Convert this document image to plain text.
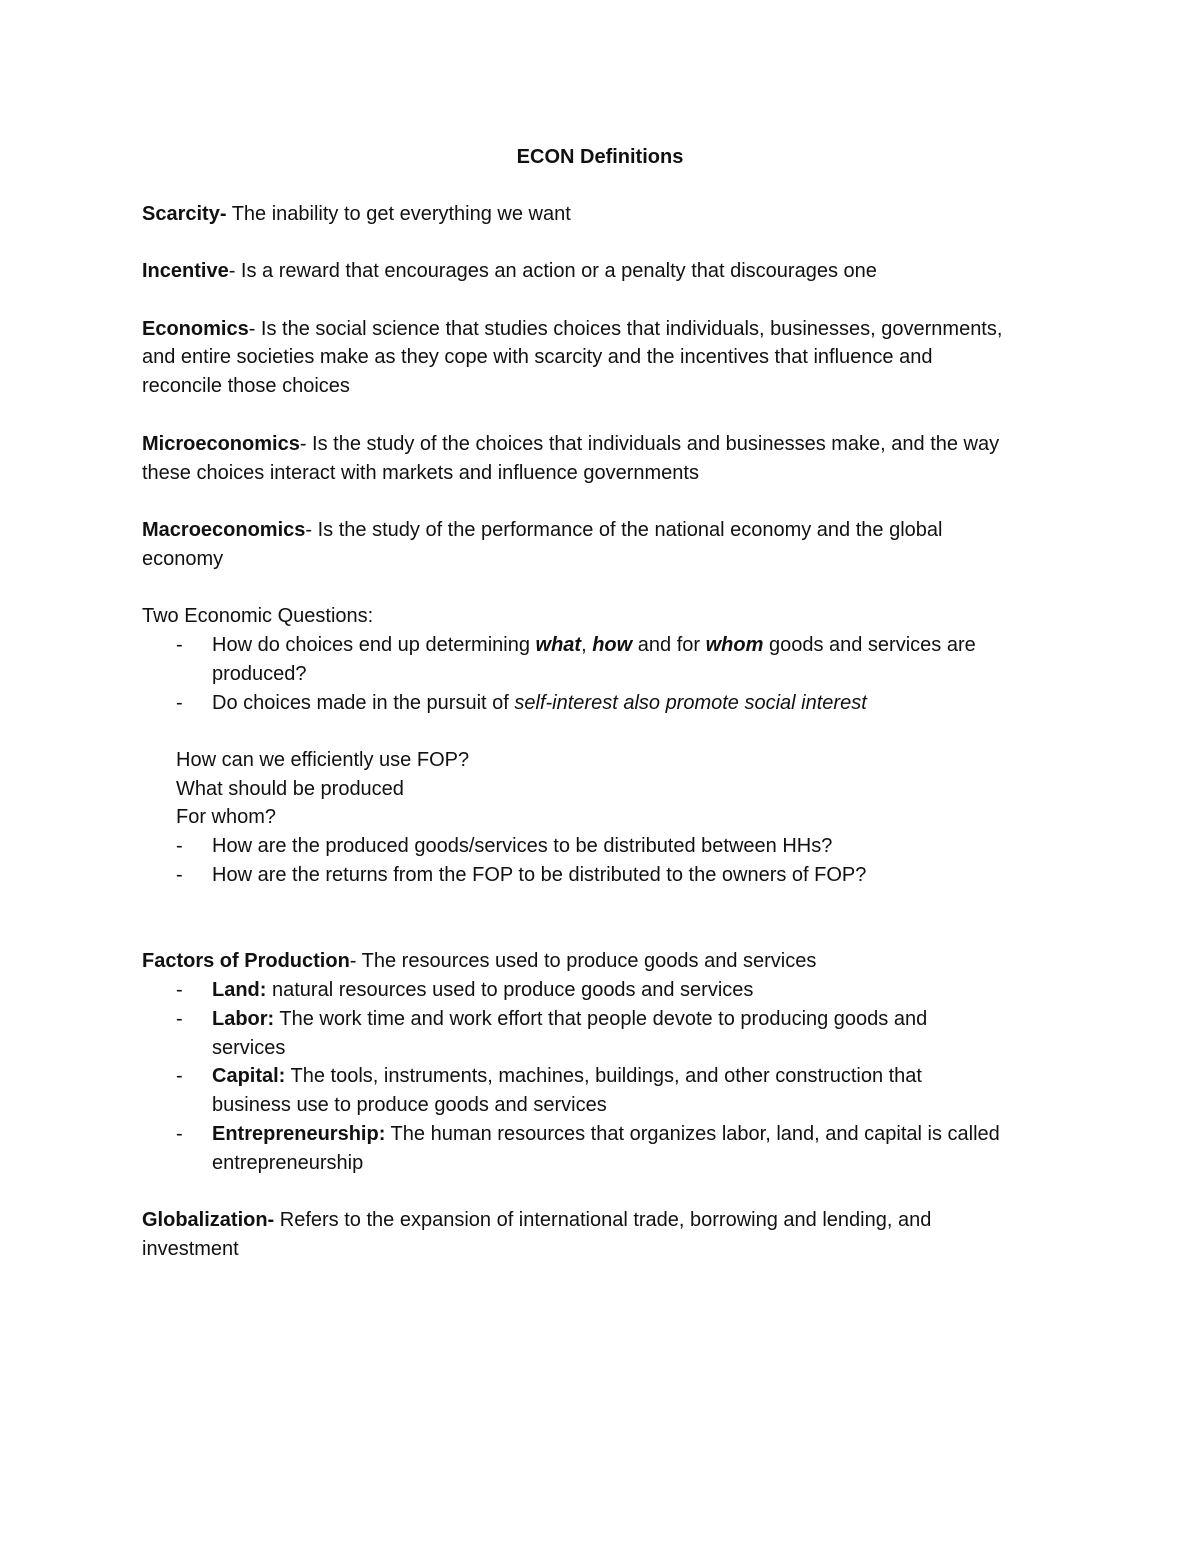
ECON Definitions

Scarcity- The inability to get everything we want

Incentive- Is a reward that encourages an action or a penalty that discourages one

Economics- Is the social science that studies choices that individuals, businesses, governments,

and entire societies make as they cope with scarcity and the incentives that influence and

reconcile those choices

Microeconomics- Is the study of the choices that individuals and businesses make, and the way

these choices interact with markets and influence governments

Macroeconomics- Is the study of the performance of the national economy and the global

economy

Two Economic Questions:

- How do choices end up determining what, how and for whom goods and services are

produced?

- Do choices made in the pursuit of self-interest also promote social interest

How can we efficiently use FOP?

What should be produced

For whom?

- How are the produced goods/services to be distributed between HHs?

- How are the returns from the FOP to be distributed to the owners of FOP?

Factors of Production- The resources used to produce goods and services

- Land: natural resources used to produce goods and services

- Labor: The work time and work effort that people devote to producing goods and

services

- Capital: The tools, instruments, machines, buildings, and other construction that

business use to produce goods and services

- Entrepreneurship: The human resources that organizes labor, land, and capital is called

entrepreneurship

Globalization- Refers to the expansion of international trade, borrowing and lending, and

investment
